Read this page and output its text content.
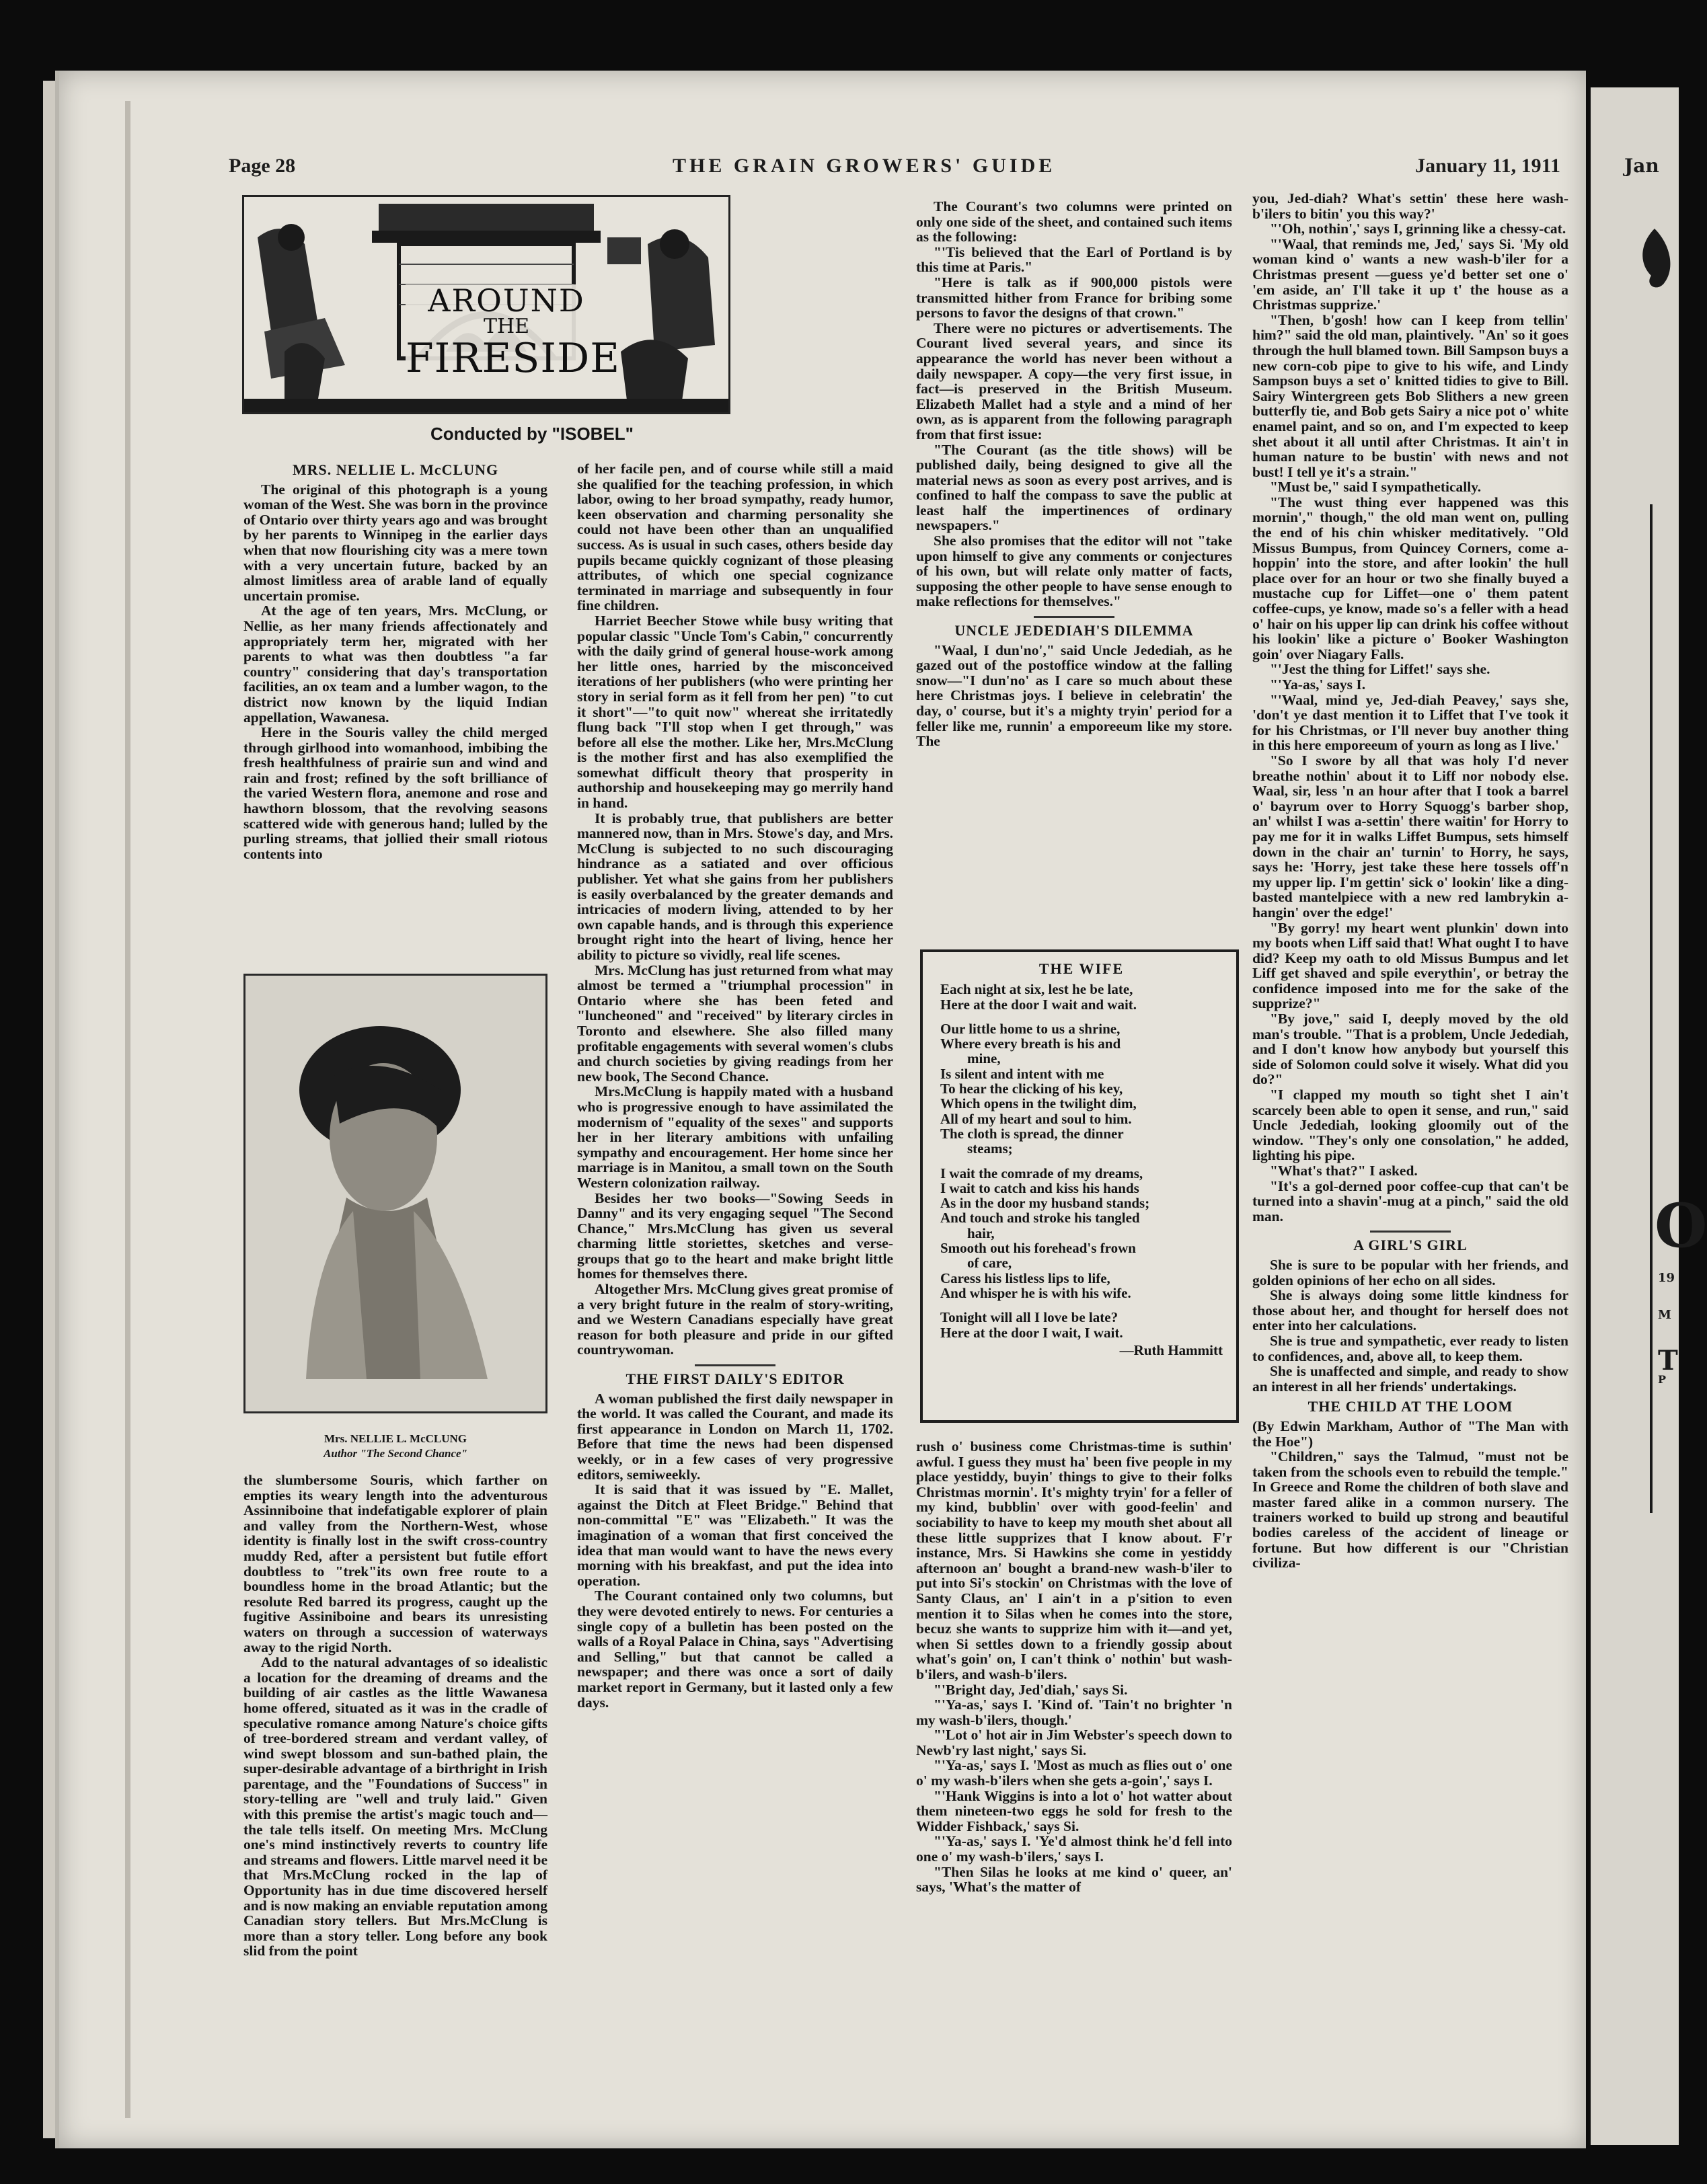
Jan
O
19
M
T
P
Page 28	THE GRAIN GROWERS' GUIDE	January 11, 1911
AROUND
THE
FIRESIDE
Conducted by "ISOBEL"
Mrs. NELLIE L. McCLUNG
Author "The Second Chance"
MRS. NELLIE L. McCLUNG

The original of this photograph is a young woman of the West. She was born in the province of Ontario over thirty years ago and was brought by her parents to Winnipeg in the earlier days when that now flourishing city was a mere town with a very uncertain future, backed by an almost limitless area of arable land of equally uncertain promise.

At the age of ten years, Mrs. McClung, or Nellie, as her many friends affectionately and appropriately term her, migrated with her parents to what was then doubtless "a far country" considering that day's transportation facilities, an ox team and a lumber wagon, to the district now known by the liquid Indian appellation, Wawanesa.

Here in the Souris valley the child merged through girlhood into womanhood, imbibing the fresh healthfulness of prairie sun and wind and rain and frost; refined by the soft brilliance of the varied Western flora, anemone and rose and hawthorn blossom, that the revolving seasons scattered wide with generous hand; lulled by the purling streams, that jollied their small riotous contents into

the slumbersome Souris, which farther on empties its weary length into the adventurous Assinniboine that indefatigable explorer of plain and valley from the Northern-West, whose identity is finally lost in the swift cross-country muddy Red, after a persistent but futile effort doubtless to "trek"its own free route to a boundless home in the broad Atlantic; but the resolute Red barred its progress, caught up the fugitive Assiniboine and bears its unresisting waters on through a succession of waterways away to the rigid North.

Add to the natural advantages of so idealistic a location for the dreaming of dreams and the building of air castles as the little Wawanesa home offered, situated as it was in the cradle of speculative romance among Nature's choice gifts of tree-bordered stream and verdant valley, of wind swept blossom and sun-bathed plain, the super-desirable advantage of a birthright in Irish parentage, and the "Foundations of Success" in story-telling are "well and truly laid." Given with this premise the artist's magic touch and—the tale tells itself. On meeting Mrs. McClung one's mind instinctively reverts to country life and streams and flowers. Little marvel need it be that Mrs.McClung rocked in the lap of Opportunity has in due time discovered herself and is now making an enviable reputation among Canadian story tellers. But Mrs.McClung is more than a story teller. Long before any book slid from the point

of her facile pen, and of course while still a maid she qualified for the teaching profession, in which labor, owing to her broad sympathy, ready humor, keen observation and charming personality she could not have been other than an unqualified success. As is usual in such cases, others beside day pupils became quickly cognizant of those pleasing attributes, of which one special cognizance terminated in marriage and subsequently in four fine children.

Harriet Beecher Stowe while busy writing that popular classic "Uncle Tom's Cabin," concurrently with the daily grind of general house-work among her little ones, harried by the misconceived iterations of her publishers (who were printing her story in serial form as it fell from her pen) "to cut it short"—"to quit now" whereat she irritatedly flung back "I'll stop when I get through," was before all else the mother. Like her, Mrs.McClung is the mother first and has also exemplified the somewhat difficult theory that prosperity in authorship and housekeeping may go merrily hand in hand.

It is probably true, that publishers are better mannered now, than in Mrs. Stowe's day, and Mrs. McClung is subjected to no such discouraging hindrance as a satiated and over officious publisher. Yet what she gains from her publishers is easily overbalanced by the greater demands and intricacies of modern living, attended to by her own capable hands, and is through this experience brought right into the heart of living, hence her ability to picture so vividly, real life scenes.

Mrs. McClung has just returned from what may almost be termed a "triumphal procession" in Ontario where she has been feted and "luncheoned" and "received" by literary circles in Toronto and elsewhere. She also filled many profitable engagements with several women's clubs and church societies by giving readings from her new book, The Second Chance.

Mrs.McClung is happily mated with a husband who is progressive enough to have assimilated the modernism of "equality of the sexes" and supports her in her literary ambitions with unfailing sympathy and encouragement. Her home since her marriage is in Manitou, a small town on the South Western colonization railway.

Besides her two books—"Sowing Seeds in Danny" and its very engaging sequel "The Second Chance," Mrs.McClung has given us several charming little storiettes, sketches and verse-groups that go to the heart and make bright little homes for themselves there.

Altogether Mrs. McClung gives great promise of a very bright future in the realm of story-writing, and we Western Canadians especially have great reason for both pleasure and pride in our gifted countrywoman.

THE FIRST DAILY'S EDITOR

A woman published the first daily newspaper in the world. It was called the Courant, and made its first appearance in London on March 11, 1702. Before that time the news had been dispensed weekly, or in a few cases of very progressive editors, semiweekly.

It is said that it was issued by "E. Mallet, against the Ditch at Fleet Bridge." Behind that non-committal "E" was "Elizabeth." It was the imagination of a woman that first conceived the idea that man would want to have the news every morning with his breakfast, and put the idea into operation.

The Courant contained only two columns, but they were devoted entirely to news. For centuries a single copy of a bulletin has been posted on the walls of a Royal Palace in China, says "Advertising and Selling," but that cannot be called a newspaper; and there was once a sort of daily market report in Germany, but it lasted only a few days.

The Courant's two columns were printed on only one side of the sheet, and contained such items as the following:

"'Tis believed that the Earl of Portland is by this time at Paris."

"Here is talk as if 900,000 pistols were transmitted hither from France for bribing some persons to favor the designs of that crown."

There were no pictures or advertisements. The Courant lived several years, and since its appearance the world has never been without a daily newspaper. A copy—the very first issue, in fact—is preserved in the British Museum. Elizabeth Mallet had a style and a mind of her own, as is apparent from the following paragraph from that first issue:

"The Courant (as the title shows) will be published daily, being designed to give all the material news as soon as every post arrives, and is confined to half the compass to save the public at least half the impertinences of ordinary newspapers."

She also promises that the editor will not "take upon himself to give any comments or conjectures of his own, but will relate only matter of facts, supposing the other people to have sense enough to make reflections for themselves."

UNCLE JEDEDIAH'S DILEMMA

"Waal, I dun'no'," said Uncle Jedediah, as he gazed out of the postoffice window at the falling snow—"I dun'no' as I care so much about these here Christmas joys. I believe in celebratin' the day, o' course, but it's a mighty tryin' period for a feller like me, runnin' a emporeeum like my store. The

THE WIFE
Each night at six, lest he be late,
Here at the door I wait and wait.
Our little home to us a shrine,
Where every breath is his and
mine,
Is silent and intent with me
To hear the clicking of his key,
Which opens in the twilight dim,
All of my heart and soul to him.
The cloth is spread, the dinner
steams;
I wait the comrade of my dreams,
I wait to catch and kiss his hands
As in the door my husband stands;
And touch and stroke his tangled
hair,
Smooth out his forehead's frown
of care,
Caress his listless lips to life,
And whisper he is with his wife.
Tonight will all I love be late?
Here at the door I wait, I wait.
—Ruth Hammitt

rush o' business come Christmas-time is suthin' awful. I guess they must ha' been five people in my place yestiddy, buyin' things to give to their folks Christmas mornin'. It's mighty tryin' for a feller of my kind, bubblin' over with good-feelin' and sociability to have to keep my mouth shet about all these little supprizes that I know about. F'r instance, Mrs. Si Hawkins she come in yestiddy afternoon an' bought a brand-new wash-b'iler to put into Si's stockin' on Christmas with the love of Santy Claus, an' I ain't in a p'sition to even mention it to Silas when he comes into the store, becuz she wants to supprize him with it—and yet, when Si settles down to a friendly gossip about what's goin' on, I can't think o' nothin' but wash-b'ilers, and wash-b'ilers.

"'Bright day, Jed'diah,' says Si.

"'Ya-as,' says I. 'Kind of. 'Tain't no brighter 'n my wash-b'ilers, though.'

"'Lot o' hot air in Jim Webster's speech down to Newb'ry last night,' says Si.

"'Ya-as,' says I. 'Most as much as flies out o' one o' my wash-b'ilers when she gets a-goin',' says I.

"'Hank Wiggins is into a lot o' hot watter about them nineteen-two eggs he sold for fresh to the Widder Fishback,' says Si.

"'Ya-as,' says I. 'Ye'd almost think he'd fell into one o' my wash-b'ilers,' says I.

"Then Silas he looks at me kind o' queer, an' says, 'What's the matter of

you, Jed-diah? What's settin' these here wash-b'ilers to bitin' you this way?'

"'Oh, nothin',' says I, grinning like a chessy-cat.

"'Waal, that reminds me, Jed,' says Si. 'My old woman kind o' wants a new wash-b'iler for a Christmas present —guess ye'd better set one o' 'em aside, an' I'll take it up t' the house as a Christmas supprize.'

"Then, b'gosh! how can I keep from tellin' him?" said the old man, plaintively. "An' so it goes through the hull blamed town. Bill Sampson buys a new corn-cob pipe to give to his wife, and Lindy Sampson buys a set o' knitted tidies to give to Bill. Sairy Wintergreen gets Bob Slithers a new green butterfly tie, and Bob gets Sairy a nice pot o' white enamel paint, and so on, and I'm expected to keep shet about it all until after Christmas. It ain't in human nature to be bustin' with news and not bust! I tell ye it's a strain."

"Must be," said I sympathetically.

"The wust thing ever happened was this mornin'," though," the old man went on, pulling the end of his chin whisker meditatively. "Old Missus Bumpus, from Quincey Corners, come a-hoppin' into the store, and after lookin' the hull place over for an hour or two she finally buyed a mustache cup for Liffet—one o' them patent coffee-cups, ye know, made so's a feller with a head o' hair on his upper lip can drink his coffee without his lookin' like a picture o' Booker Washington goin' over Niagary Falls.

"'Jest the thing for Liffet!' says she.

"'Ya-as,' says I.

"'Waal, mind ye, Jed-diah Peavey,' says she, 'don't ye dast mention it to Liffet that I've took it for his Christmas, or I'll never buy another thing in this here emporeeum of yourn as long as I live.'

"So I swore by all that was holy I'd never breathe nothin' about it to Liff nor nobody else. Waal, sir, less 'n an hour after that I took a barrel o' bayrum over to Horry Squogg's barber shop, an' whilst I was a-settin' there waitin' for Horry to pay me for it in walks Liffet Bumpus, sets himself down in the chair an' turnin' to Horry, he says, says he: 'Horry, jest take these here tossels off'n my upper lip. I'm gettin' sick o' lookin' like a ding-basted mantelpiece with a new red lambrykin a-hangin' over the edge!'

"By gorry! my heart went plunkin' down into my boots when Liff said that! What ought I to have did? Keep my oath to old Missus Bumpus and let Liff get shaved and spile everythin', or betray the confidence imposed into me for the sake of the supprize?"

"By jove," said I, deeply moved by the old man's trouble. "That is a problem, Uncle Jedediah, and I don't know how anybody but yourself this side of Solomon could solve it wisely. What did you do?"

"I clapped my mouth so tight shet I ain't scarcely been able to open it sense, and run," said Uncle Jedediah, looking gloomily out of the window. "They's only one consolation," he added, lighting his pipe.

"What's that?" I asked.

"It's a gol-derned poor coffee-cup that can't be turned into a shavin'-mug at a pinch," said the old man.

A GIRL'S GIRL

She is sure to be popular with her friends, and golden opinions of her echo on all sides.

She is always doing some little kindness for those about her, and thought for herself does not enter into her calculations.

She is true and sympathetic, ever ready to listen to confidences, and, above all, to keep them.

She is unaffected and simple, and ready to show an interest in all her friends' undertakings.

THE CHILD AT THE LOOM

(By Edwin Markham, Author of "The Man with the Hoe")

"Children," says the Talmud, "must not be taken from the schools even to rebuild the temple." In Greece and Rome the children of both slave and master fared alike in a common nursery. The trainers worked to build up strong and beautiful bodies careless of the accident of lineage or fortune. But how different is our "Christian civiliza-
